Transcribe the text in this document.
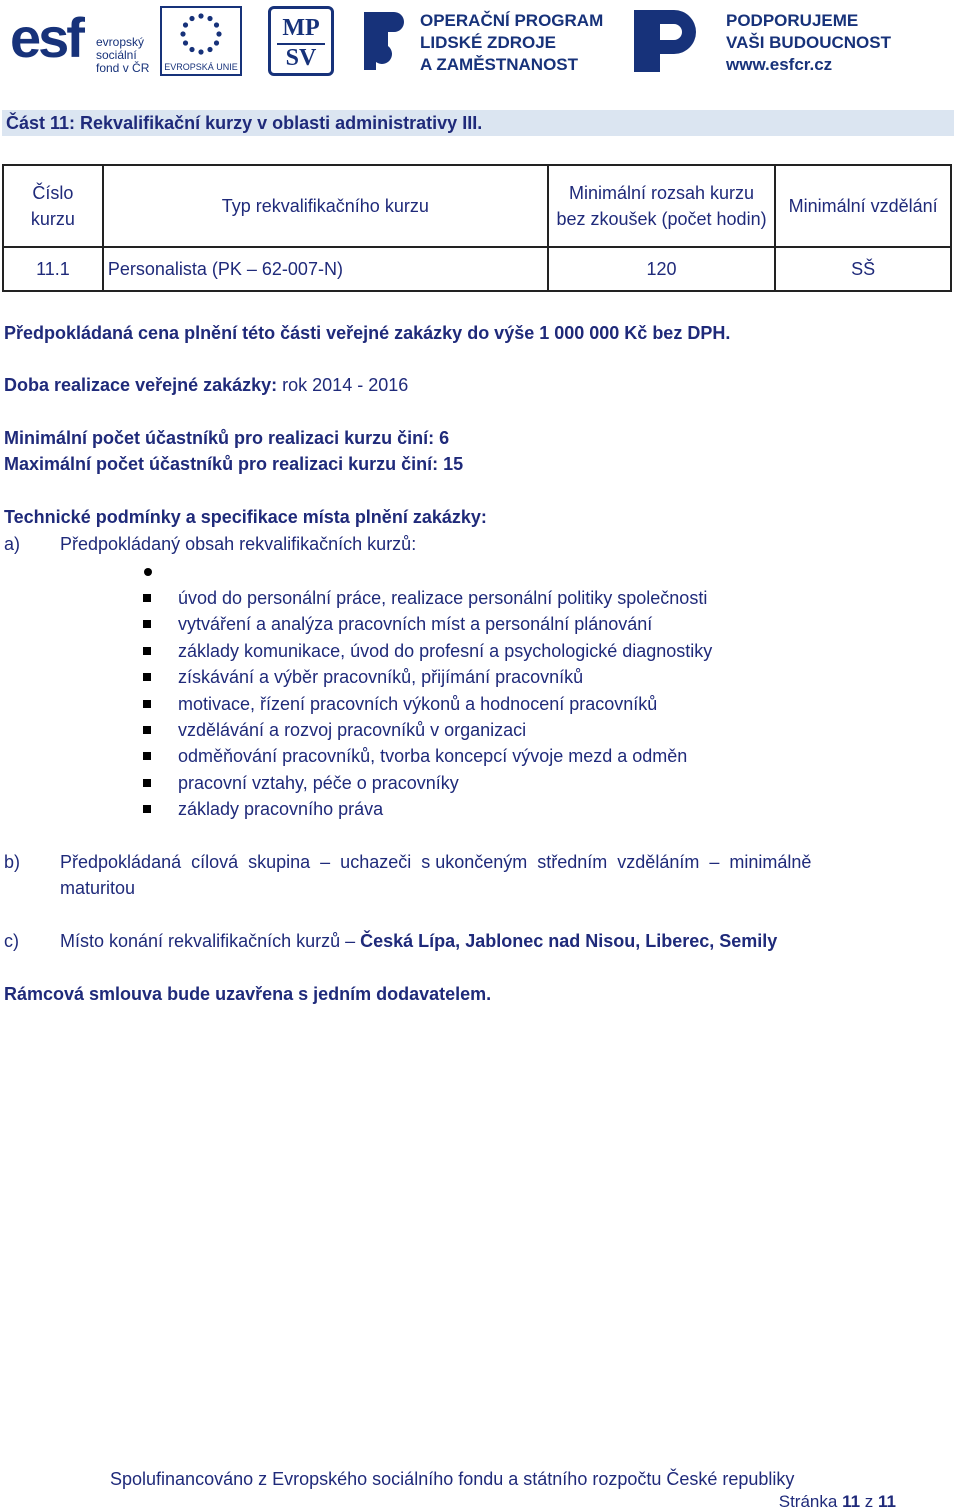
esf evropský
sociální
fond v ČR EVROPSKÁ UNIE
MP
SV
OPERAČNÍ PROGRAM
LIDSKÉ ZDROJE
A ZAMĚSTNANOST
PODPORUJEME
VAŠI BUDOUCNOST
www.esfcr.cz
Část 11: Rekvalifikační kurzy v oblasti administrativy III.
Číslo kurzu	Typ rekvalifikačního kurzu	Minimální rozsah kurzu bez zkoušek (počet hodin)	Minimální vzdělání
11.1	Personalista (PK – 62-007-N)	120	SŠ
Předpokládaná cena plnění této části veřejné zakázky do výše 1 000 000 Kč bez DPH.
Doba realizace veřejné zakázky: rok 2014 - 2016
Minimální počet účastníků pro realizaci kurzu činí: 6
Maximální počet účastníků pro realizaci kurzu činí: 15
Technické podmínky a specifikace místa plnění zakázky:
a) Předpokládaný obsah rekvalifikačních kurzů:
úvod do personální práce, realizace personální politiky společnosti
vytváření a analýza pracovních míst a personální plánování
základy komunikace, úvod do profesní a psychologické diagnostiky
získávání a výběr pracovníků, přijímání pracovníků
motivace, řízení pracovních výkonů a hodnocení pracovníků
vzdělávání a rozvoj pracovníků v organizaci
odměňování pracovníků, tvorba koncepcí vývoje mezd a odměn
pracovní vztahy, péče o pracovníky
základy pracovního práva
b) Předpokládaná  cílová  skupina  –  uchazeči  s ukončeným  středním  vzděláním  –  minimálně
maturitou
c) Místo konání rekvalifikačních kurzů – Česká Lípa, Jablonec nad Nisou, Liberec, Semily
Rámcová smlouva bude uzavřena s jedním dodavatelem.
Spolufinancováno z Evropského sociálního fondu a státního rozpočtu České republiky
Stránka 11 z 11
